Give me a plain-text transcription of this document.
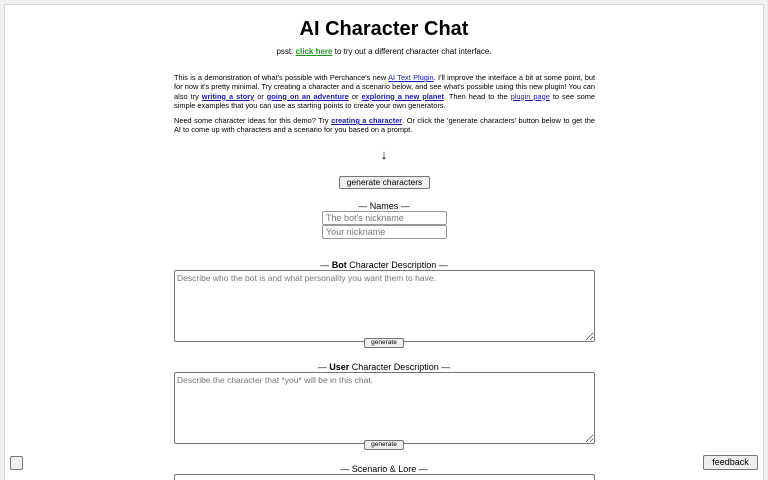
AI Character Chat
psst. click here to try out a different character chat interface.

This is a demonstration of what's possible with Perchance's new AI Text Plugin. I'll improve the interface a bit at some point, but for now it's pretty minimal. Try creating a character and a scenario below, and see what's possible using this new plugin! You can also try writing a story or going on an adventure or exploring a new planet. Then head to the plugin page to see some simple examples that you can use as starting points to create your own generators.

Need some character ideas for this demo? Try creating a character. Or click the 'generate characters' button below to get the AI to come up with characters and a scenario for you based on a prompt.

↓
generate characters
— Names —
The bot's nickname
Your nickname
— Bot Character Description —
Describe who the bot is and what personality you want them to have.
generate
— User Character Description —
Describe the character that *you* will be in this chat.
generate
— Scenario & Lore —
feedback
